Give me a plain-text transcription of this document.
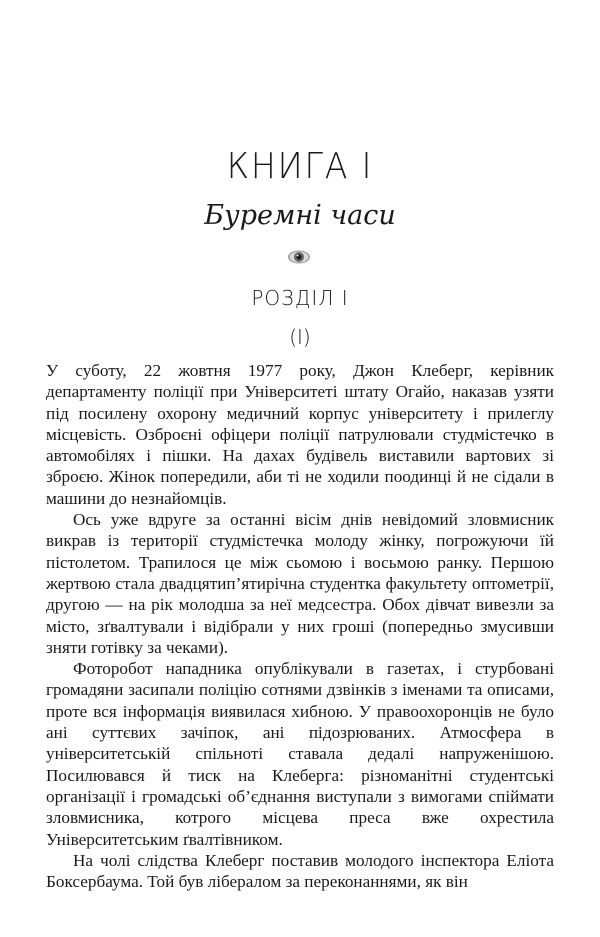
КНИГА I
Буремні часи
РОЗДІЛ I
(I)

У суботу, 22 жовтня 1977 року, Джон Клеберг, керівник департаменту поліції при Університеті штату Огайо, наказав узяти під посилену охорону медичний корпус університету і прилеглу місцевість. Озброєні офіцери поліції патрулювали студмістечко в автомобілях і пішки. На дахах будівель виставили вартових зі зброєю. Жінок попередили, аби ті не ходили поодинці й не сідали в машини до незнайомців.

Ось уже вдруге за останні вісім днів невідомий зловмисник викрав із території студмістечка молоду жінку, погрожуючи їй пістолетом. Трапилося це між сьомою і восьмою ранку. Першою жертвою стала двадцятип’ятирічна студентка факультету оптометрії, другою — на рік молодша за неї медсестра. Обох дівчат вивезли за місто, зґвалтували і відібрали у них гроші (попередньо змусивши зняти готівку за чеками).

Фоторобот нападника опублікували в газетах, і стурбовані громадяни засипали поліцію сотнями дзвінків з іменами та описами, проте вся інформація виявилася хибною. У правоохоронців не було ані суттєвих зачіпок, ані підозрюваних. Атмосфера в університетській спільноті ставала дедалі напруженішою. Посилювався й тиск на Клеберга: різноманітні студентські організації і громадські об’єднання виступали з вимогами спіймати зловмисника, котрого місцева преса вже охрестила Університетським ґвалтівником.

На чолі слідства Клеберг поставив молодого інспектора Еліота Боксербаума. Той був лібералом за переконаннями, як він
